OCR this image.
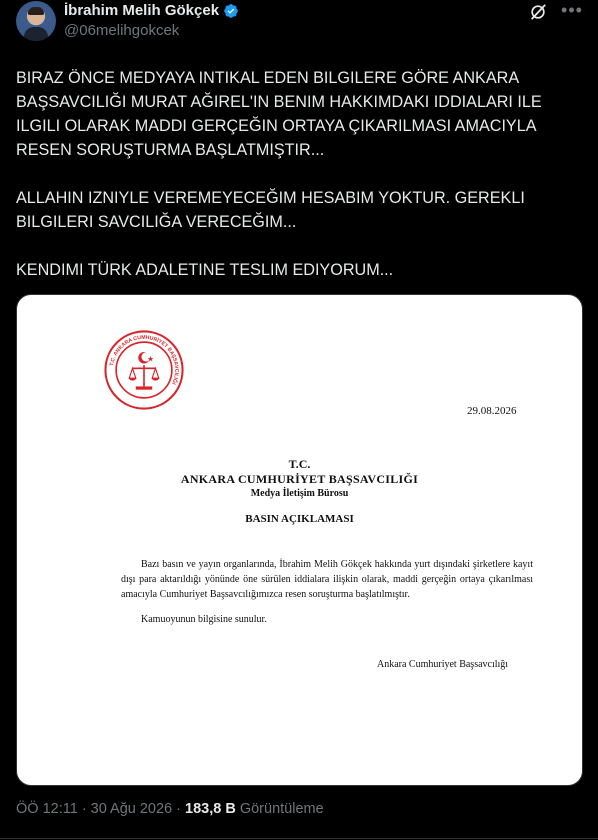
İbrahim Melih Gökçek
@06melihgokcek
•••
BIRAZ ÖNCE MEDYAYA INTIKAL EDEN BILGILERE GÖRE ANKARA BAŞSAVCILIĞI MURAT AĞIREL'IN BENIM HAKKIMDAKI IDDIALARI ILE ILGILI OLARAK MADDI GERÇEĞIN ORTAYA ÇIKARILMASI AMACIYLA RESEN SORUŞTURMA BAŞLATMIŞTIR...

ALLAHIN IZNIYLE VEREMEYECEĞIM HESABIM YOKTUR. GEREKLI BILGILERI SAVCILIĞA VERECEĞIM...

KENDIMI TÜRK ADALETINE TESLIM EDIYORUM...
T.C. ANKARA CUMHURİYET BAŞSAVCILIĞI
29.08.2026
T.C.
ANKARA CUMHURİYET BAŞSAVCILIĞI
Medya İletişim Bürosu
BASIN AÇIKLAMASI
Bazı basın ve yayın organlarında, İbrahim Melih Gökçek hakkında yurt dışındaki şirketlere kayıt dışı para aktarıldığı yönünde öne sürülen iddialara ilişkin olarak, maddi gerçeğin ortaya çıkarılması amacıyla Cumhuriyet Başsavcılığımızca resen soruşturma başlatılmıştır.
Kamuoyunun bilgisine sunulur.
Ankara Cumhuriyet Başsavcılığı
ÖÖ 12:11 · 30 Ağu 2026 · 183,8 B Görüntüleme
